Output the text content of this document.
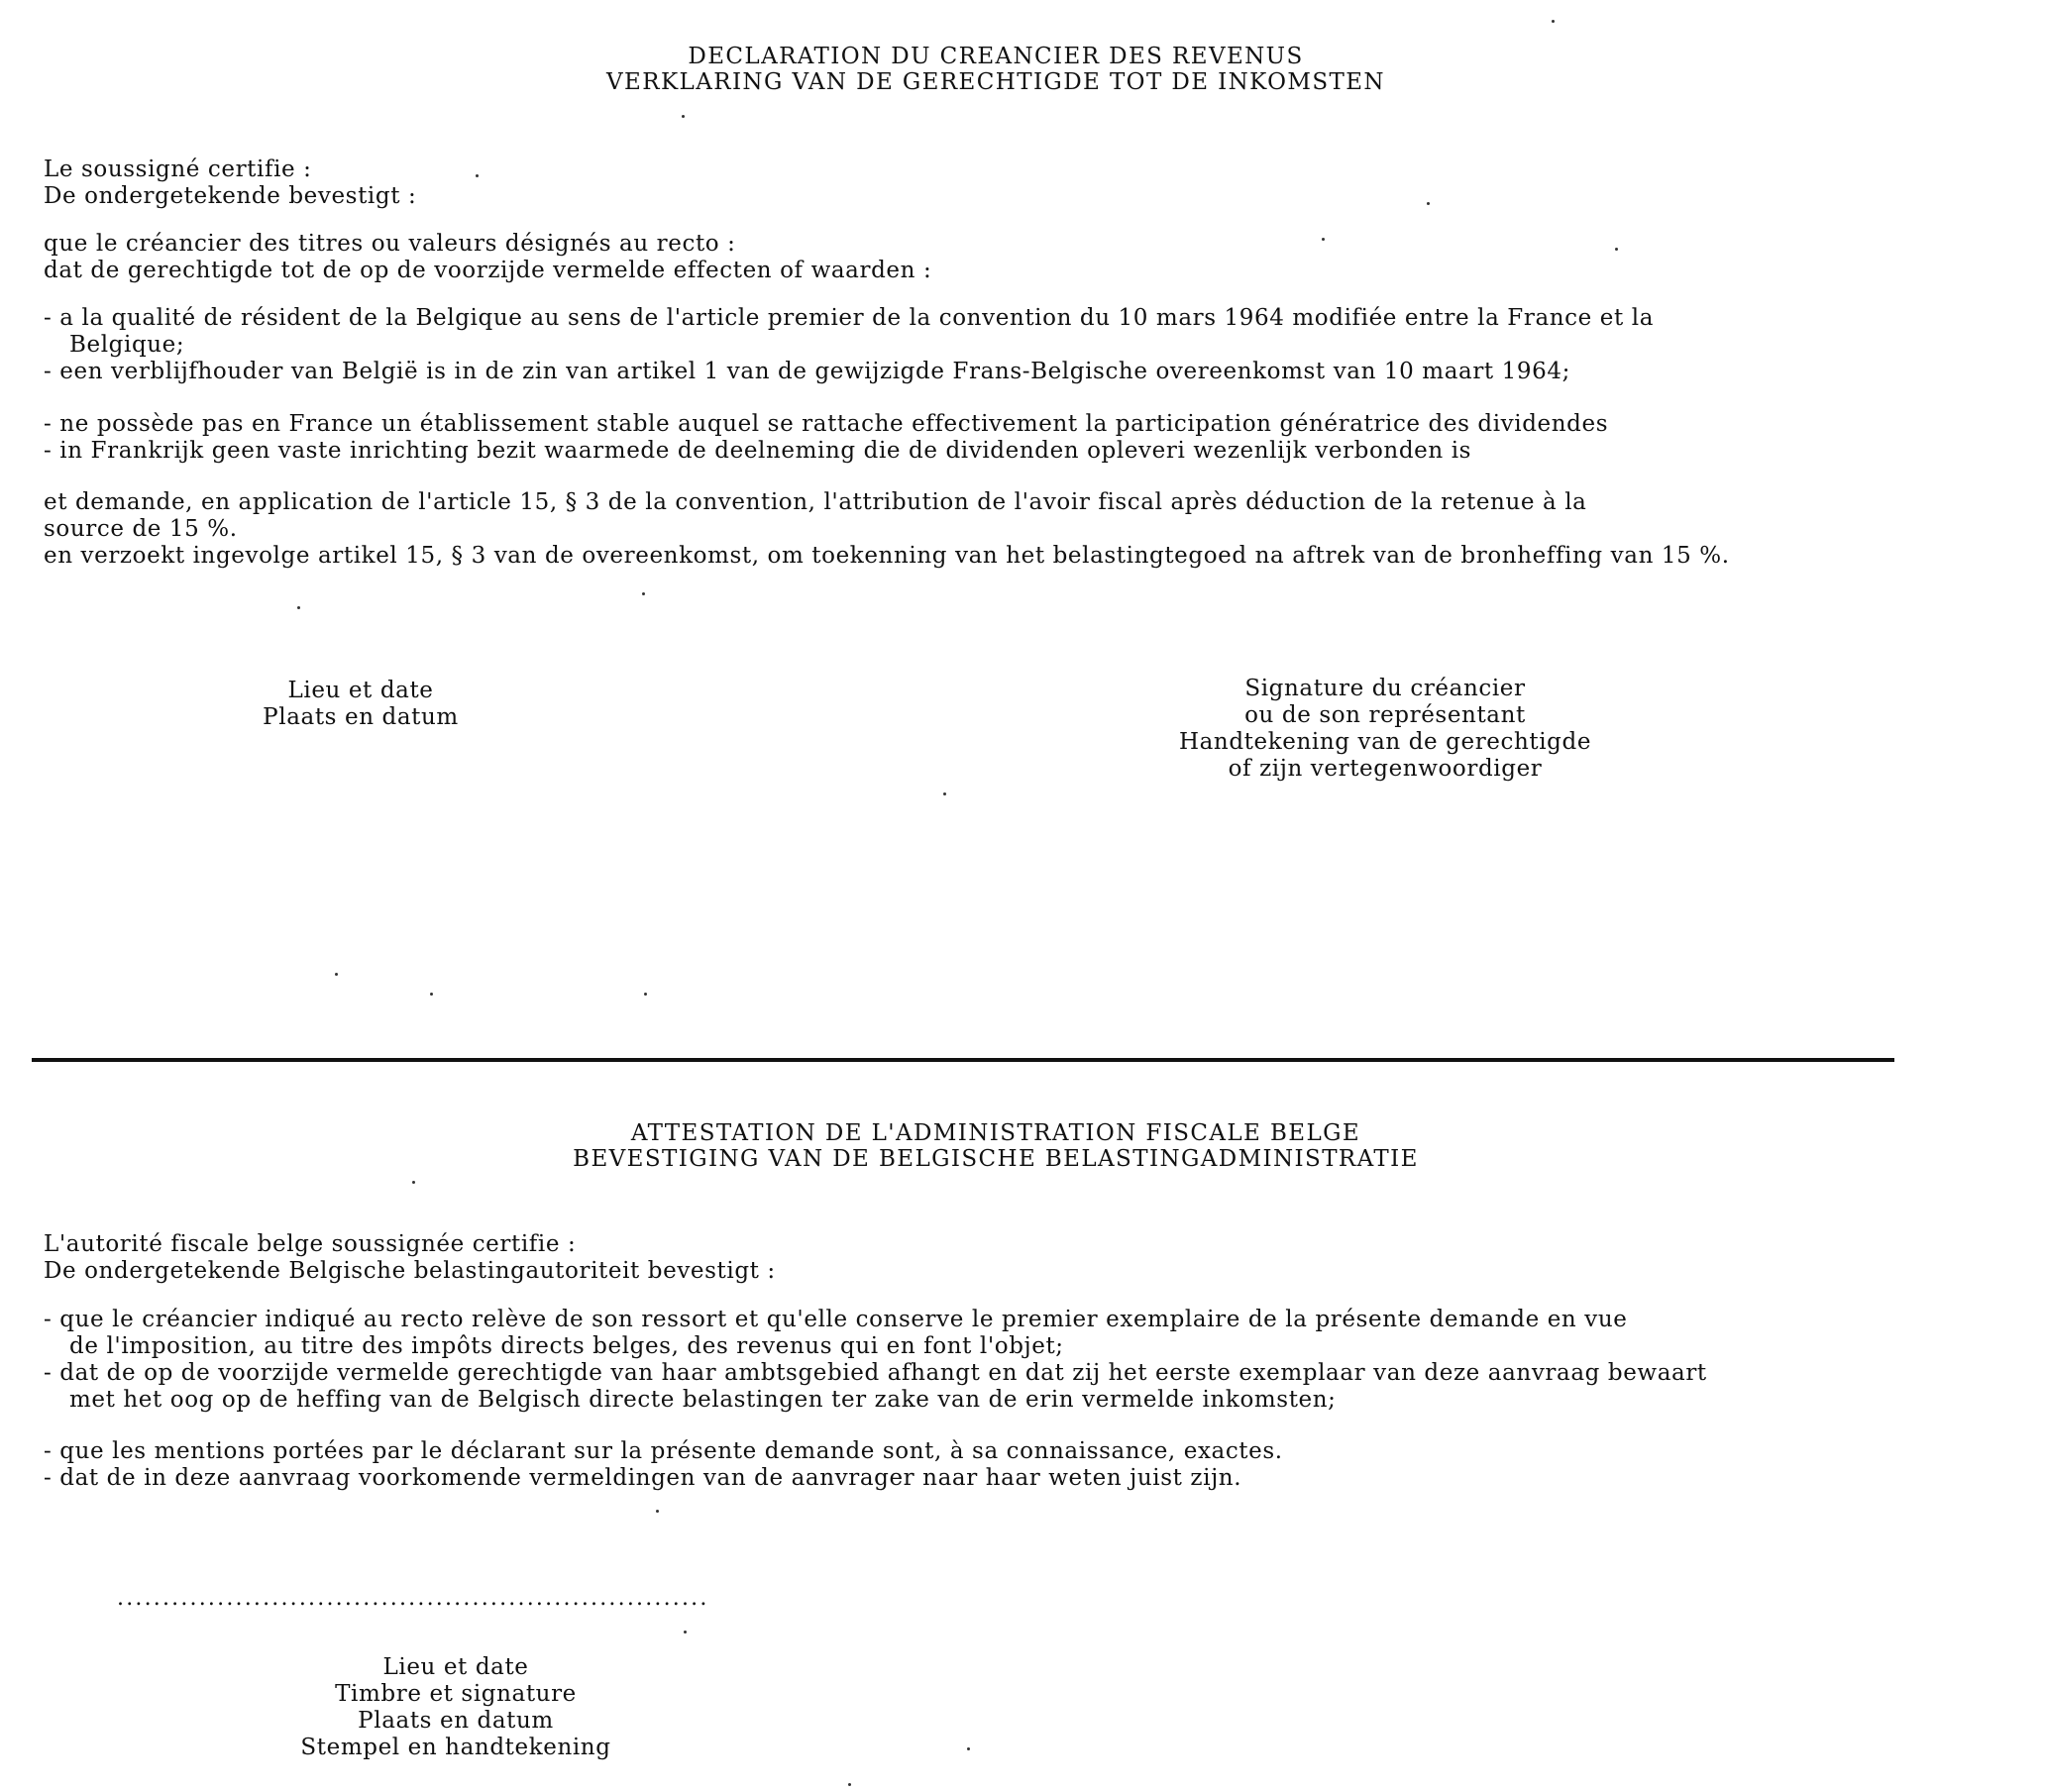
DECLARATION DU CREANCIER DES REVENUS
VERKLARING VAN DE GERECHTIGDE TOT DE INKOMSTEN
Le soussigné certifie :
De ondergetekende bevestigt :
que le créancier des titres ou valeurs désignés au recto :
dat de gerechtigde tot de op de voorzijde vermelde effecten of waarden :
- a la qualité de résident de la Belgique au sens de l'article premier de la convention du 10 mars 1964 modifiée entre la France et la
Belgique;
- een verblijfhouder van België is in de zin van artikel 1 van de gewijzigde Frans-Belgische overeenkomst van 10 maart 1964;
- ne possède pas en France un établissement stable auquel se rattache effectivement la participation génératrice des dividendes
- in Frankrijk geen vaste inrichting bezit waarmede de deelneming die de dividenden opleveri wezenlijk verbonden is
et demande, en application de l'article 15, § 3 de la convention, l'attribution de l'avoir fiscal après déduction de la retenue à la
source de 15 %.
en verzoekt ingevolge artikel 15, § 3 van de overeenkomst, om toekenning van het belastingtegoed na aftrek van de bronheffing van 15 %.
Lieu et date
Plaats en datum
Signature du créancier
ou de son représentant
Handtekening van de gerechtigde
of zijn vertegenwoordiger
ATTESTATION DE L'ADMINISTRATION FISCALE BELGE
BEVESTIGING VAN DE BELGISCHE BELASTINGADMINISTRATIE
L'autorité fiscale belge soussignée certifie :
De ondergetekende Belgische belastingautoriteit bevestigt :
- que le créancier indiqué au recto relève de son ressort et qu'elle conserve le premier exemplaire de la présente demande en vue
de l'imposition, au titre des impôts directs belges, des revenus qui en font l'objet;
- dat de op de voorzijde vermelde gerechtigde van haar ambtsgebied afhangt en dat zij het eerste exemplaar van deze aanvraag bewaart
met het oog op de heffing van de Belgisch directe belastingen ter zake van de erin vermelde inkomsten;
- que les mentions portées par le déclarant sur la présente demande sont, à sa connaissance, exactes.
- dat de in deze aanvraag voorkomende vermeldingen van de aanvrager naar haar weten juist zijn.
.................................................................
Lieu et date
Timbre et signature
Plaats en datum
Stempel en handtekening
